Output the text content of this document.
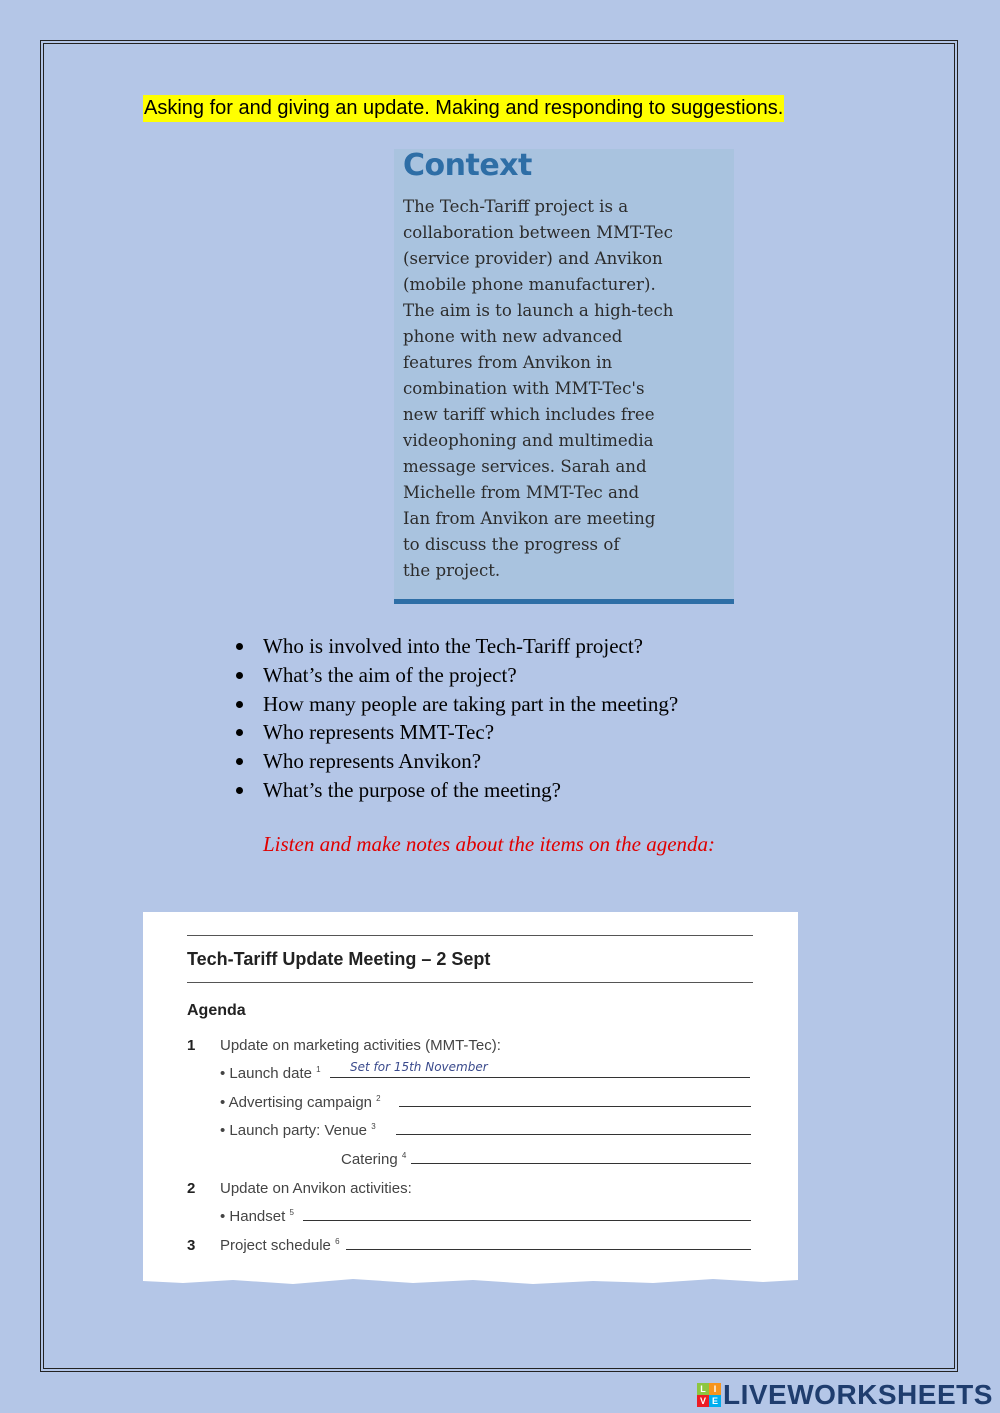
Asking for and giving an update. Making and responding to suggestions.
Context
The Tech-Tariff project is a
collaboration between MMT-Tec
(service provider) and Anvikon
(mobile phone manufacturer).
The aim is to launch a high-tech
phone with new advanced
features from Anvikon in
combination with MMT-Tec's
new tariff which includes free
videophoning and multimedia
message services. Sarah and
Michelle from MMT-Tec and
Ian from Anvikon are meeting
to discuss the progress of
the project.
Who is involved into the Tech-Tariff project?
What’s the aim of the project?
How many people are taking part in the meeting?
Who represents MMT-Tec?
Who represents Anvikon?
What’s the purpose of the meeting?
Listen and make notes about the items on the agenda:
Tech-Tariff Update Meeting – 2 Sept
Agenda
1 Update on marketing activities (MMT-Tec):
• Launch date $^1$ Set for 15th November
• Advertising campaign $^2$
• Launch party: Venue $^3$
Catering $^4$
2 Update on Anvikon activities:
• Handset $^5$
3 Project schedule $^6$
L I
V E LIVEWORKSHEETS
